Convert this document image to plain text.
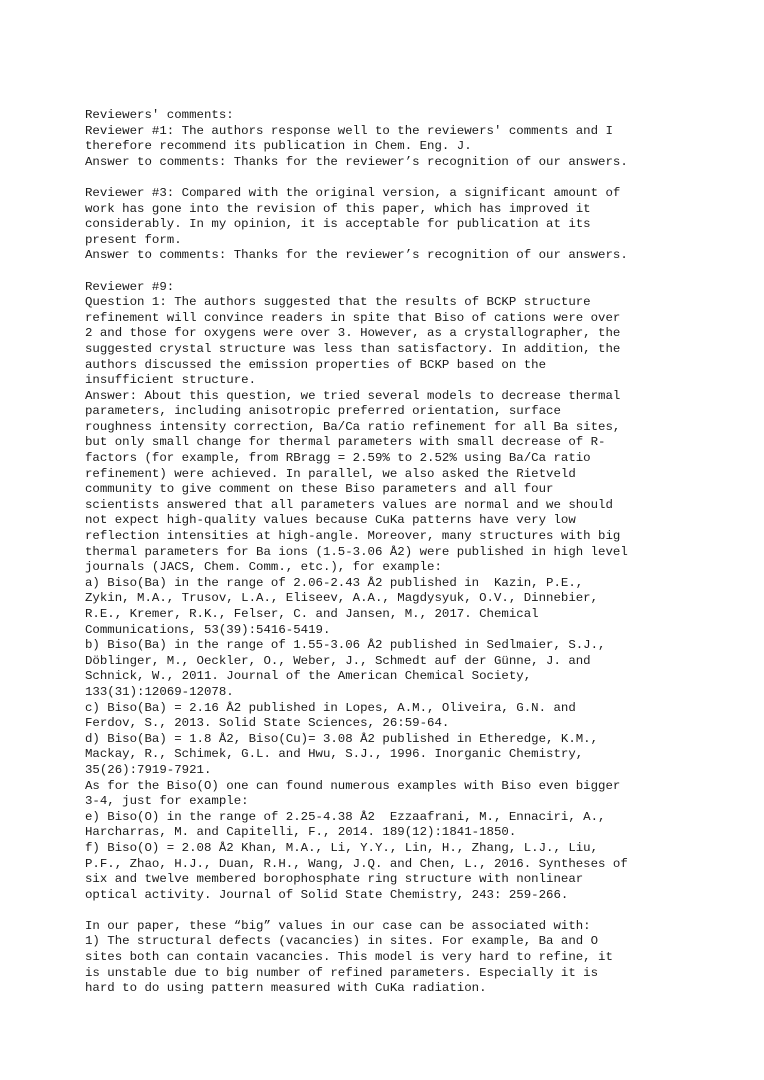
Reviewers' comments:
Reviewer #1: The authors response well to the reviewers' comments and I
therefore recommend its publication in Chem. Eng. J.
Answer to comments: Thanks for the reviewer’s recognition of our answers.
Reviewer #3: Compared with the original version, a significant amount of
work has gone into the revision of this paper, which has improved it
considerably. In my opinion, it is acceptable for publication at its
present form.
Answer to comments: Thanks for the reviewer’s recognition of our answers.
Reviewer #9:
Question 1: The authors suggested that the results of BCKP structure
refinement will convince readers in spite that Biso of cations were over
2 and those for oxygens were over 3. However, as a crystallographer, the
suggested crystal structure was less than satisfactory. In addition, the
authors discussed the emission properties of BCKP based on the
insufficient structure.
Answer: About this question, we tried several models to decrease thermal
parameters, including anisotropic preferred orientation, surface
roughness intensity correction, Ba/Ca ratio refinement for all Ba sites,
but only small change for thermal parameters with small decrease of R-
factors (for example, from RBragg = 2.59% to 2.52% using Ba/Ca ratio
refinement) were achieved. In parallel, we also asked the Rietveld
community to give comment on these Biso parameters and all four
scientists answered that all parameters values are normal and we should
not expect high-quality values because CuKa patterns have very low
reflection intensities at high-angle. Moreover, many structures with big
thermal parameters for Ba ions (1.5-3.06 Å2) were published in high level
journals (JACS, Chem. Comm., etc.), for example:
a) Biso(Ba) in the range of 2.06-2.43 Å2 published in  Kazin, P.E.,
Zykin, M.A., Trusov, L.A., Eliseev, A.A., Magdysyuk, O.V., Dinnebier,
R.E., Kremer, R.K., Felser, C. and Jansen, M., 2017. Chemical
Communications, 53(39):5416-5419.
b) Biso(Ba) in the range of 1.55-3.06 Å2 published in Sedlmaier, S.J.,
Döblinger, M., Oeckler, O., Weber, J., Schmedt auf der Günne, J. and
Schnick, W., 2011. Journal of the American Chemical Society,
133(31):12069-12078.
c) Biso(Ba) = 2.16 Å2 published in Lopes, A.M., Oliveira, G.N. and
Ferdov, S., 2013. Solid State Sciences, 26:59-64.
d) Biso(Ba) = 1.8 Å2, Biso(Cu)= 3.08 Å2 published in Etheredge, K.M.,
Mackay, R., Schimek, G.L. and Hwu, S.J., 1996. Inorganic Chemistry,
35(26):7919-7921.
As for the Biso(O) one can found numerous examples with Biso even bigger
3-4, just for example:
e) Biso(O) in the range of 2.25-4.38 Å2  Ezzaafrani, M., Ennaciri, A.,
Harcharras, M. and Capitelli, F., 2014. 189(12):1841-1850.
f) Biso(O) = 2.08 Å2 Khan, M.A., Li, Y.Y., Lin, H., Zhang, L.J., Liu,
P.F., Zhao, H.J., Duan, R.H., Wang, J.Q. and Chen, L., 2016. Syntheses of
six and twelve membered borophosphate ring structure with nonlinear
optical activity. Journal of Solid State Chemistry, 243: 259-266.
In our paper, these “big” values in our case can be associated with:
1) The structural defects (vacancies) in sites. For example, Ba and O
sites both can contain vacancies. This model is very hard to refine, it
is unstable due to big number of refined parameters. Especially it is
hard to do using pattern measured with CuKa radiation.
